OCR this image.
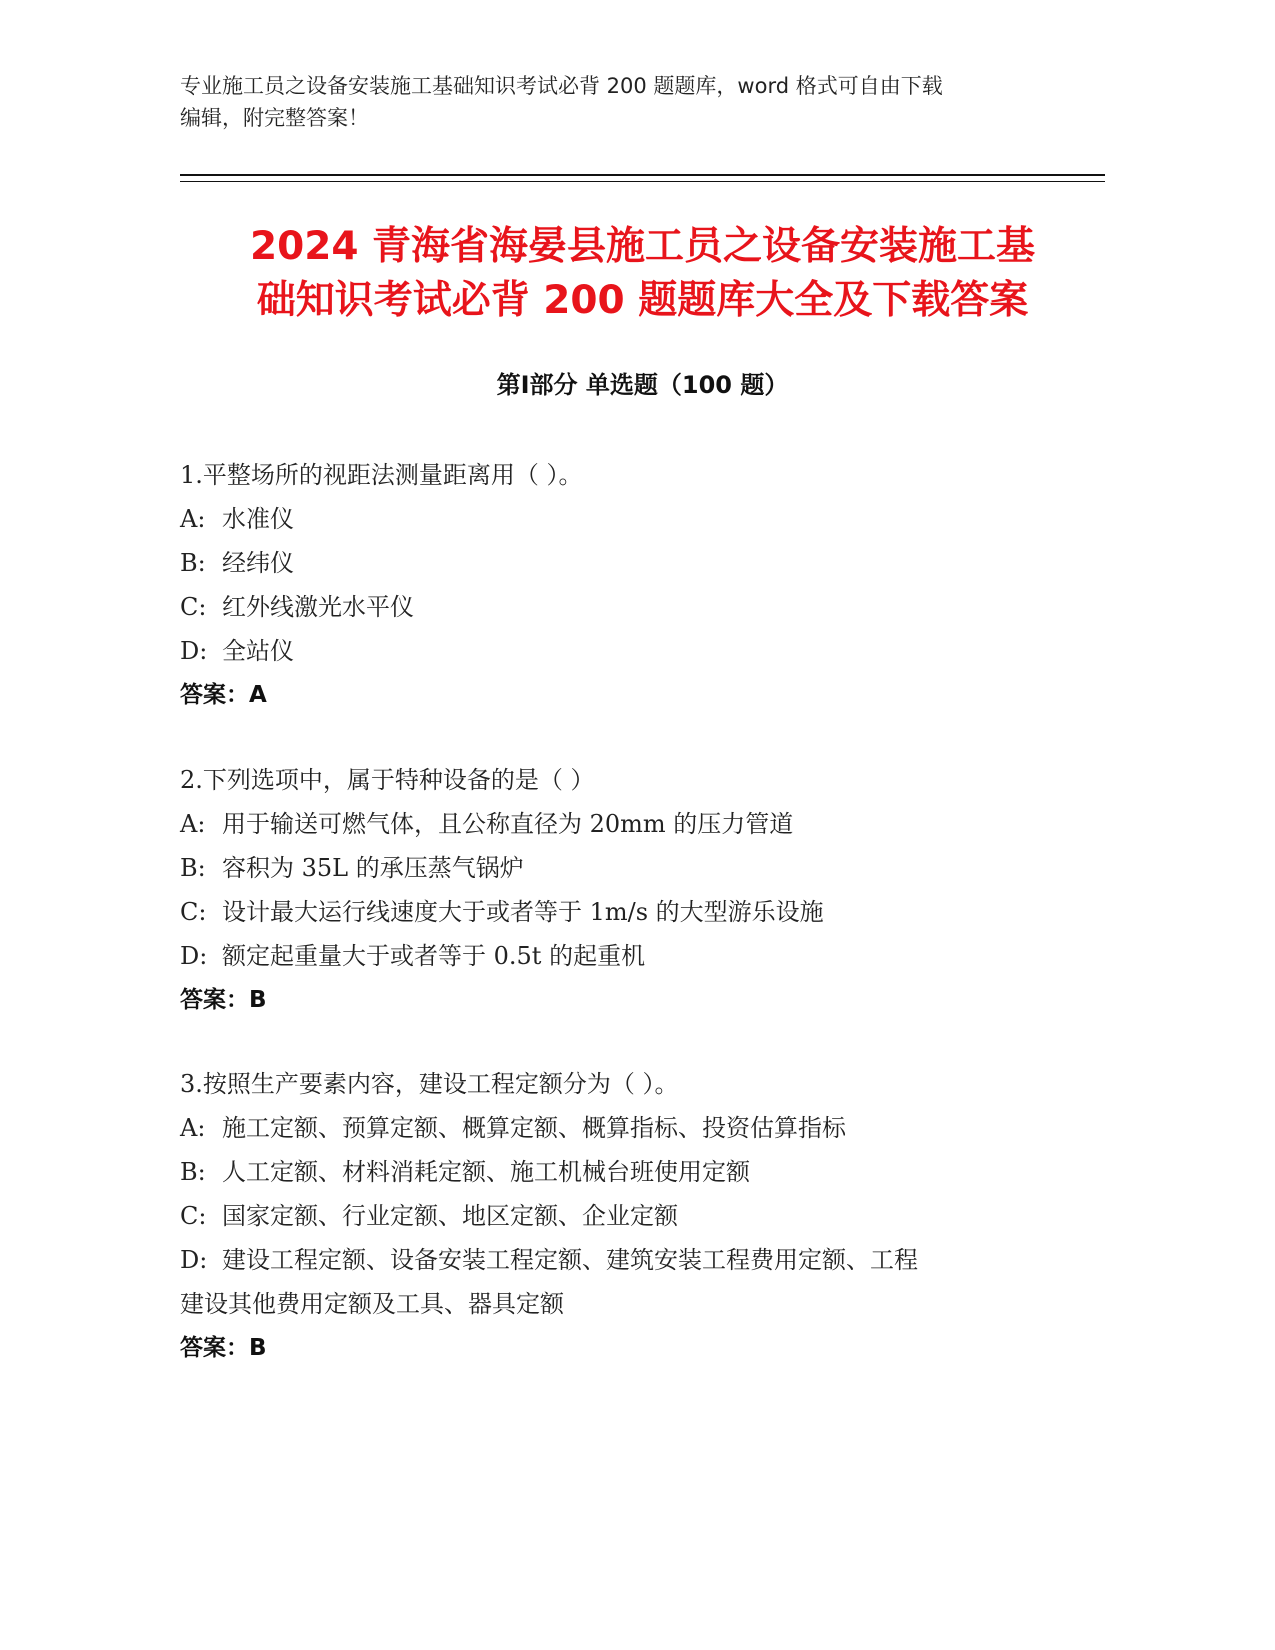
专业施工员之设备安装施工基础知识考试必背 200 题题库，word 格式可自由下载
编辑，附完整答案！
2024 青海省海晏县施工员之设备安装施工基
础知识考试必背 200 题题库大全及下载答案
第Ⅰ部分 单选题（100 题）
1.平整场所的视距法测量距离用（ ）。
A: 水准仪
B: 经纬仪
C: 红外线激光水平仪
D: 全站仪
答案：A
2.下列选项中，属于特种设备的是（ ）
A: 用于输送可燃气体，且公称直径为 20mm 的压力管道
B: 容积为 35L 的承压蒸气锅炉
C: 设计最大运行线速度大于或者等于 1m/s 的大型游乐设施
D: 额定起重量大于或者等于 0.5t 的起重机
答案：B
3.按照生产要素内容，建设工程定额分为（ ）。
A: 施工定额、预算定额、概算定额、概算指标、投资估算指标
B: 人工定额、材料消耗定额、施工机械台班使用定额
C: 国家定额、行业定额、地区定额、企业定额
D: 建设工程定额、设备安装工程定额、建筑安装工程费用定额、工程
建设其他费用定额及工具、器具定额
答案：B
